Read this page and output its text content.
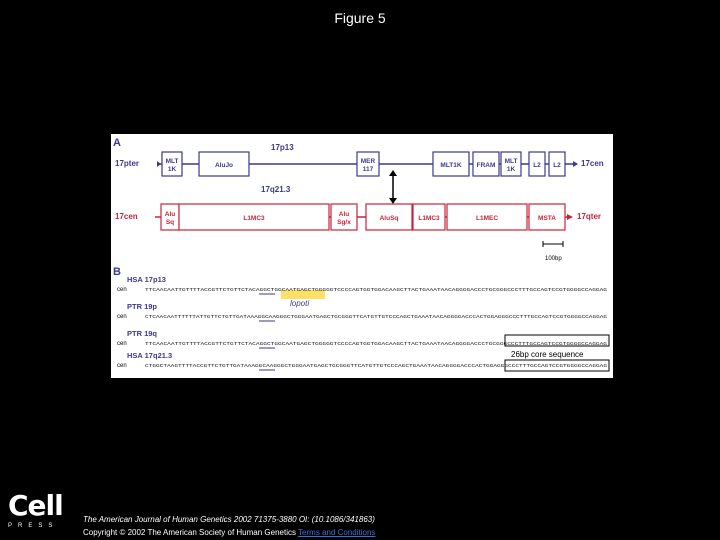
Figure 5
A	17p13
17pter	17cen
MLT
1K
AluJo
MER
117
MLT1K FRAM
MLT
1K
L2 L2
17q21.3
17cen	17qter
Alu
Sq
L1MC3
Alu
Sg/x
AluSq	L1MC3	L1MEC	MSTA
100bp
B
lopoti
HSA 17p13
cen	TTCAACAATTGTTTTACCGTTCTGTTCTACAGGCTGGCAATGAGCTGGGGGTCCCCAGTGGTGGACAAGCTTACTGAAATAACAGGGGACCCTGCGGGCCCTTTGCCAGTCCGTGGGGCCAGGAG
PTR 19p
cen	CTCAACAATTTTTTATTGTTCTGTTGATAAAGGCAAGGGCTGGGAATGAGCTGCGGGTTCATGTTGTCCCAGCTGAAATAACAGGGGACCCACTGGAGGGCCCTTTGCCAGTCCGTGGGGCCAGGAG
PTR 19q
cen	TTCAACAATTGTTTTACCGTTCTGTTCTACAGGCTGGCAATGAGCTGGGGGTCCCCAGTGGTGGACAAGCTTACTGAAATAACAGGGGACCCTGCGGGCCCTTTGCCAGTCCGTGGGGCCAGGAG
HSA 17q21.3
cen	CTGGCTAAGTTTTACCGTTCTGTTGATAAAGGCAAGGGCTGGGAATGAGCTGCGGGTTCATGTTGTCCCAGCTGAAATAACAGGGGACCCACTGGAGGGCCCTTTGCCAGTCCGTGGGGCCAGGAG
26bp core sequence
Cell
PRESS
The American Journal of Human Genetics 2002 71375-3880 OI: (10.1086/341863)
Copyright © 2002 The American Society of Human Genetics Terms and Conditions
